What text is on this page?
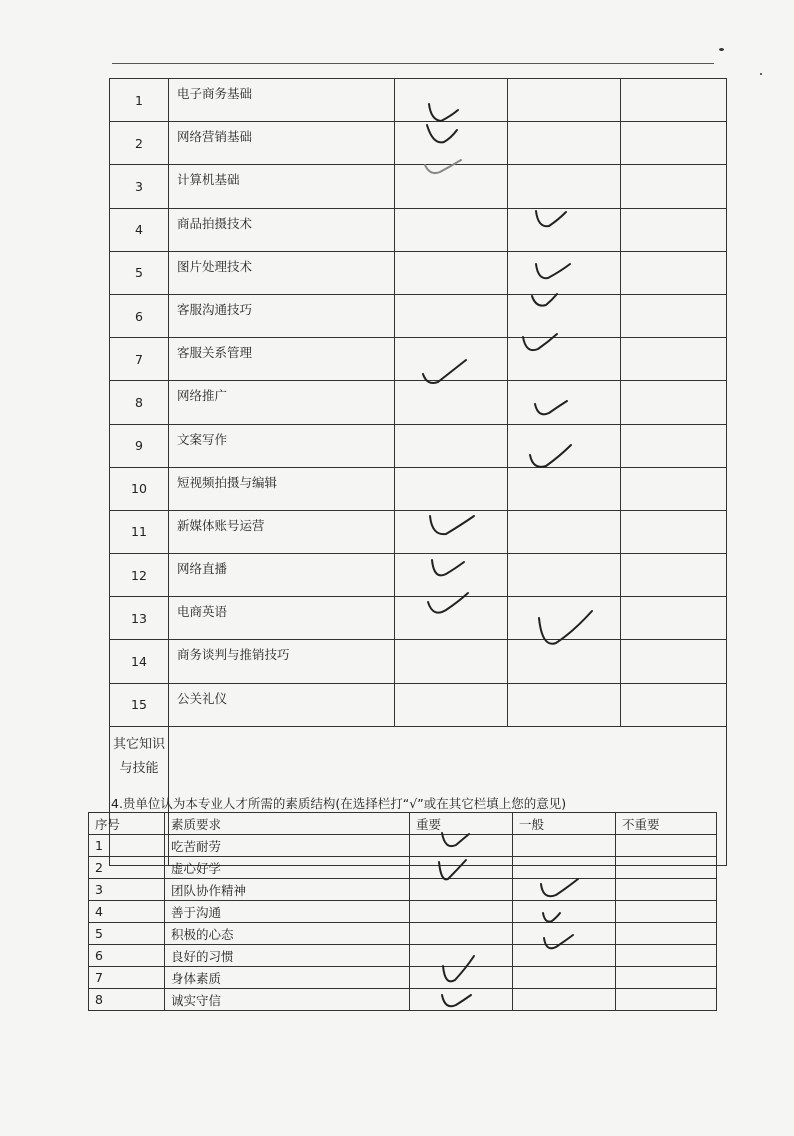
1	电子商务基础			
2	网络营销基础			
3	计算机基础			
4	商品拍摄技术			
5	图片处理技术			
6	客服沟通技巧			
7	客服关系管理			
8	网络推广			
9	文案写作			
10	短视频拍摄与编辑			
11	新媒体账号运营			
12	网络直播			
13	电商英语			
14	商务谈判与推销技巧			
15	公关礼仪			
其它知识与技能				
4.贵单位认为本专业人才所需的素质结构(在选择栏打“√”或在其它栏填上您的意见)
序号	素质要求	重要	一般	不重要
1	吃苦耐劳			
2	虚心好学			
3	团队协作精神			
4	善于沟通			
5	积极的心态			
6	良好的习惯			
7	身体素质			
8	诚实守信			
